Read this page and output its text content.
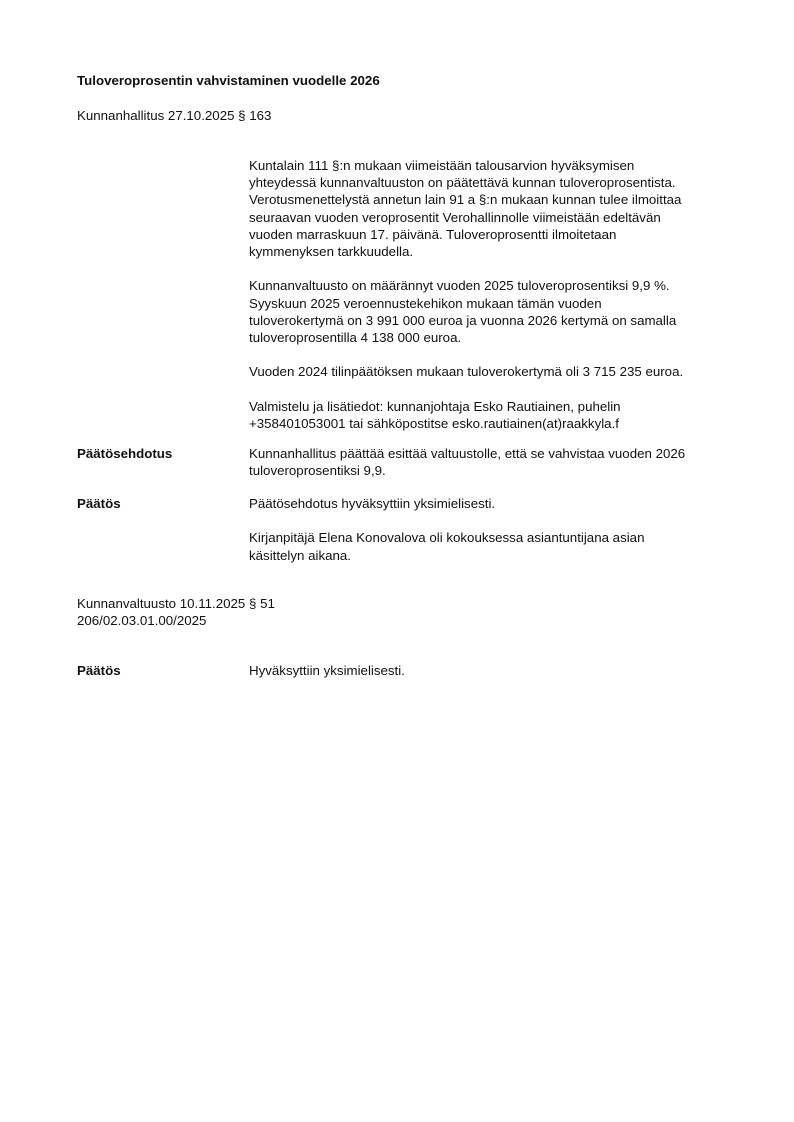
Tuloveroprosentin vahvistaminen vuodelle 2026
Kunnanhallitus 27.10.2025 § 163

Kuntalain 111 §:n mukaan viimeistään talousarvion hyväksymisen
yhteydessä kunnanvaltuuston on päätettävä kunnan tuloveroprosentista.
Verotusmenettelystä annetun lain 91 a §:n mukaan kunnan tulee ilmoittaa
seuraavan vuoden veroprosentit Verohallinnolle viimeistään edeltävän
vuoden marraskuun 17. päivänä. Tuloveroprosentti ilmoitetaan
kymmenyksen tarkkuudella.

Kunnanvaltuusto on määrännyt vuoden 2025 tuloveroprosentiksi 9,9 %.
Syyskuun 2025 veroennustekehikon mukaan tämän vuoden
tuloverokertymä on 3 991 000 euroa ja vuonna 2026 kertymä on samalla
tuloveroprosentilla 4 138 000 euroa.

Vuoden 2024 tilinpäätöksen mukaan tuloverokertymä oli 3 715 235 euroa.

Valmistelu ja lisätiedot: kunnanjohtaja Esko Rautiainen, puhelin
+358401053001 tai sähköpostitse esko.rautiainen(at)raakkyla.f

Päätösehdotus	Kunnanhallitus päättää esittää valtuustolle, että se vahvistaa vuoden 2026
tuloveroprosentiksi 9,9.

Päätös	Päätösehdotus hyväksyttiin yksimielisesti.

Kirjanpitäjä Elena Konovalova oli kokouksessa asiantuntijana asian
käsittelyn aikana.

Kunnanvaltuusto 10.11.2025 § 51
206/02.03.01.00/2025
Päätös	Hyväksyttiin yksimielisesti.
